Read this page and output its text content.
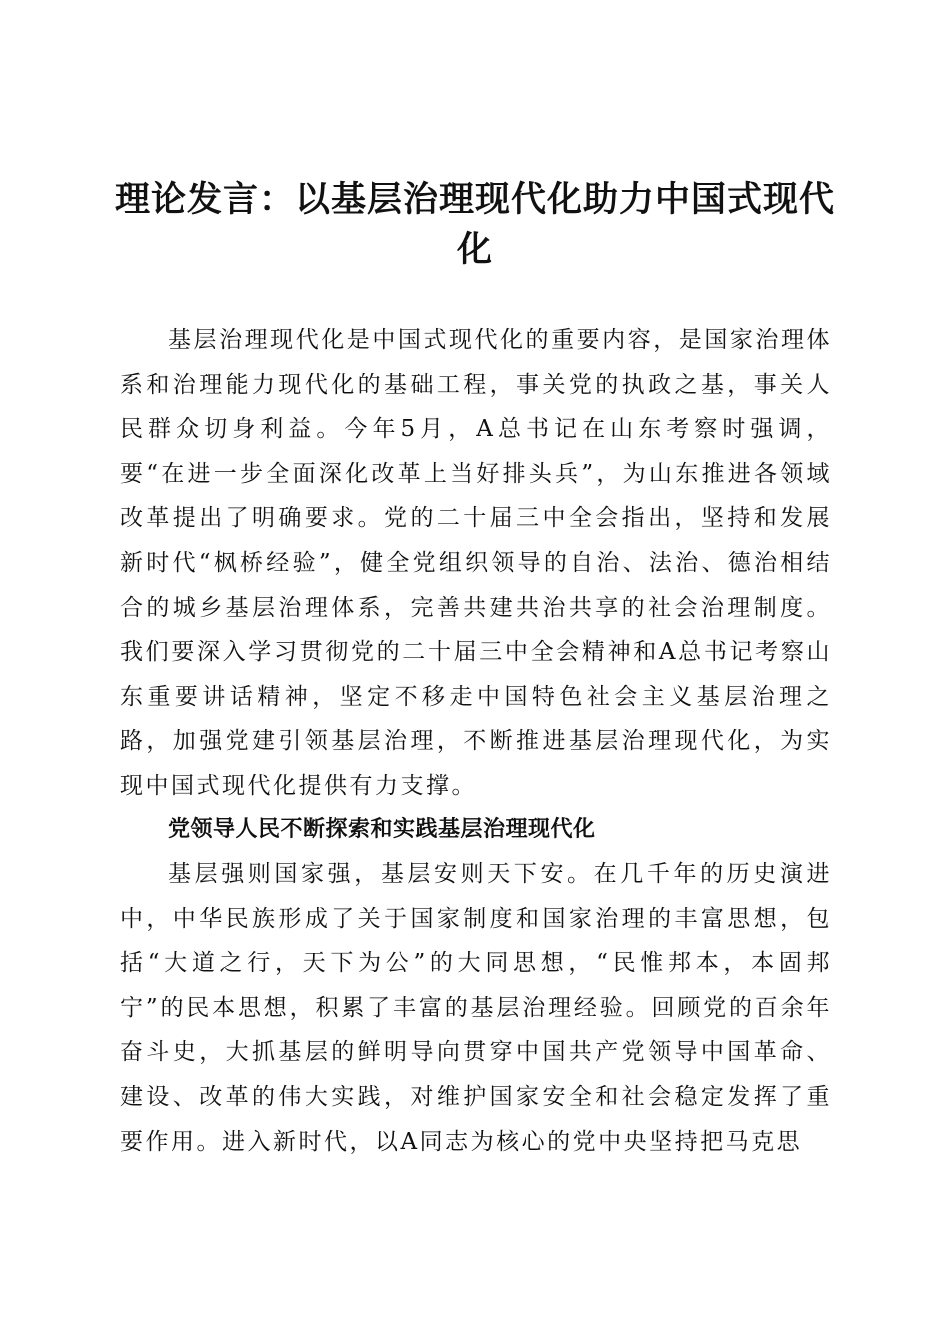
理论发言：以基层治理现代化助力中国式现代化

基层治理现代化是中国式现代化的重要内容，是国家治理体系和治理能力现代化的基础工程，事关党的执政之基，事关人民群众切身利益。今年5月，A总书记在山东考察时强调，要“在进一步全面深化改革上当好排头兵”，为山东推进各领域改革提出了明确要求。党的二十届三中全会指出，坚持和发展新时代“枫桥经验”，健全党组织领导的自治、法治、德治相结合的城乡基层治理体系，完善共建共治共享的社会治理制度。我们要深入学习贯彻党的二十届三中全会精神和A总书记考察山东重要讲话精神，坚定不移走中国特色社会主义基层治理之路，加强党建引领基层治理，不断推进基层治理现代化，为实现中国式现代化提供有力支撑。

党领导人民不断探索和实践基层治理现代化

基层强则国家强，基层安则天下安。在几千年的历史演进中，中华民族形成了关于国家制度和国家治理的丰富思想，包括“大道之行，天下为公”的大同思想，“民惟邦本，本固邦宁”的民本思想，积累了丰富的基层治理经验。回顾党的百余年奋斗史，大抓基层的鲜明导向贯穿中国共产党领导中国革命、建设、改革的伟大实践，对维护国家安全和社会稳定发挥了重要作用。进入新时代，以A同志为核心的党中央坚持把马克思
